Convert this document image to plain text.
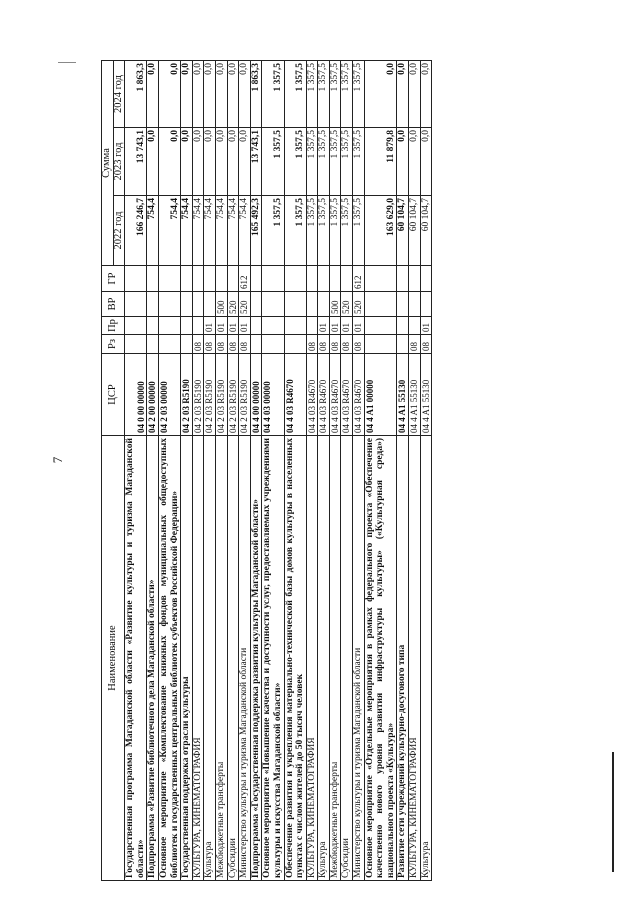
7
Наименование	ЦСР	Рз	Пр	ВР	ГР	Сумма		
						2022 год	2023 год	2024 год
Государственная программа Магаданской области «Развитие культуры и туризма Магаданской области»	04 0 00 00000					166 246,7	13 743,1	1 863,3
Подпрограмма «Развитие библиотечного дела Магаданской области»	04 2 00 00000					754,4	0,0	0,0
Основное мероприятие «Комплектование книжных фондов муниципальных общедоступных библиотек и государственных центральных библиотек субъектов Российской Федерации»	04 2 03 00000					754,4	0,0	0,0
Государственная поддержка отрасли культуры	04 2 03 R5190					754,4	0,0	0,0
КУЛЬТУРА, КИНЕМАТОГРАФИЯ	04 2 03 R5190	08				754,4	0,0	0,0
Культура	04 2 03 R5190	08	01			754,4	0,0	0,0
Межбюджетные трансферты	04 2 03 R5190	08	01	500		754,4	0,0	0,0
Субсидии	04 2 03 R5190	08	01	520		754,4	0,0	0,0
Министерство культуры и туризма Магаданской области	04 2 03 R5190	08	01	520	612	754,4	0,0	0,0
Подпрограмма «Государственная поддержка развития культуры Магаданской области»	04 4 00 00000					165 492,3	13 743,1	1 863,3
Основное мероприятие «Повышение качества и доступности услуг, предоставляемых учреждениями культуры и искусства Магаданской области»	04 4 03 00000					1 357,5	1 357,5	1 357,5
Обеспечение развития и укрепления материально-технической базы домов культуры в населенных пунктах с числом жителей до 50 тысяч человек	04 4 03 R4670					1 357,5	1 357,5	1 357,5
КУЛЬТУРА, КИНЕМАТОГРАФИЯ	04 4 03 R4670	08				1 357,5	1 357,5	1 357,5
Культура	04 4 03 R4670	08	01			1 357,5	1 357,5	1 357,5
Межбюджетные трансферты	04 4 03 R4670	08	01	500		1 357,5	1 357,5	1 357,5
Субсидии	04 4 03 R4670	08	01	520		1 357,5	1 357,5	1 357,5
Министерство культуры и туризма Магаданской области	04 4 03 R4670	08	01	520	612	1 357,5	1 357,5	1 357,5
Основное мероприятие «Отдельные мероприятия в рамках федерального проекта «Обеспечение качественно нового уровня развития инфраструктуры культуры» («Культурная среда») национального проекта «Культура»	04 4 A1 00000					163 629,0	11 879,8	0,0
Развитие сети учреждений культурно-досугового типа	04 4 A1 55130					60 104,7	0,0	0,0
КУЛЬТУРА, КИНЕМАТОГРАФИЯ	04 4 A1 55130	08				60 104,7	0,0	0,0
Культура	04 4 A1 55130	08	01			60 104,7	0,0	0,0
